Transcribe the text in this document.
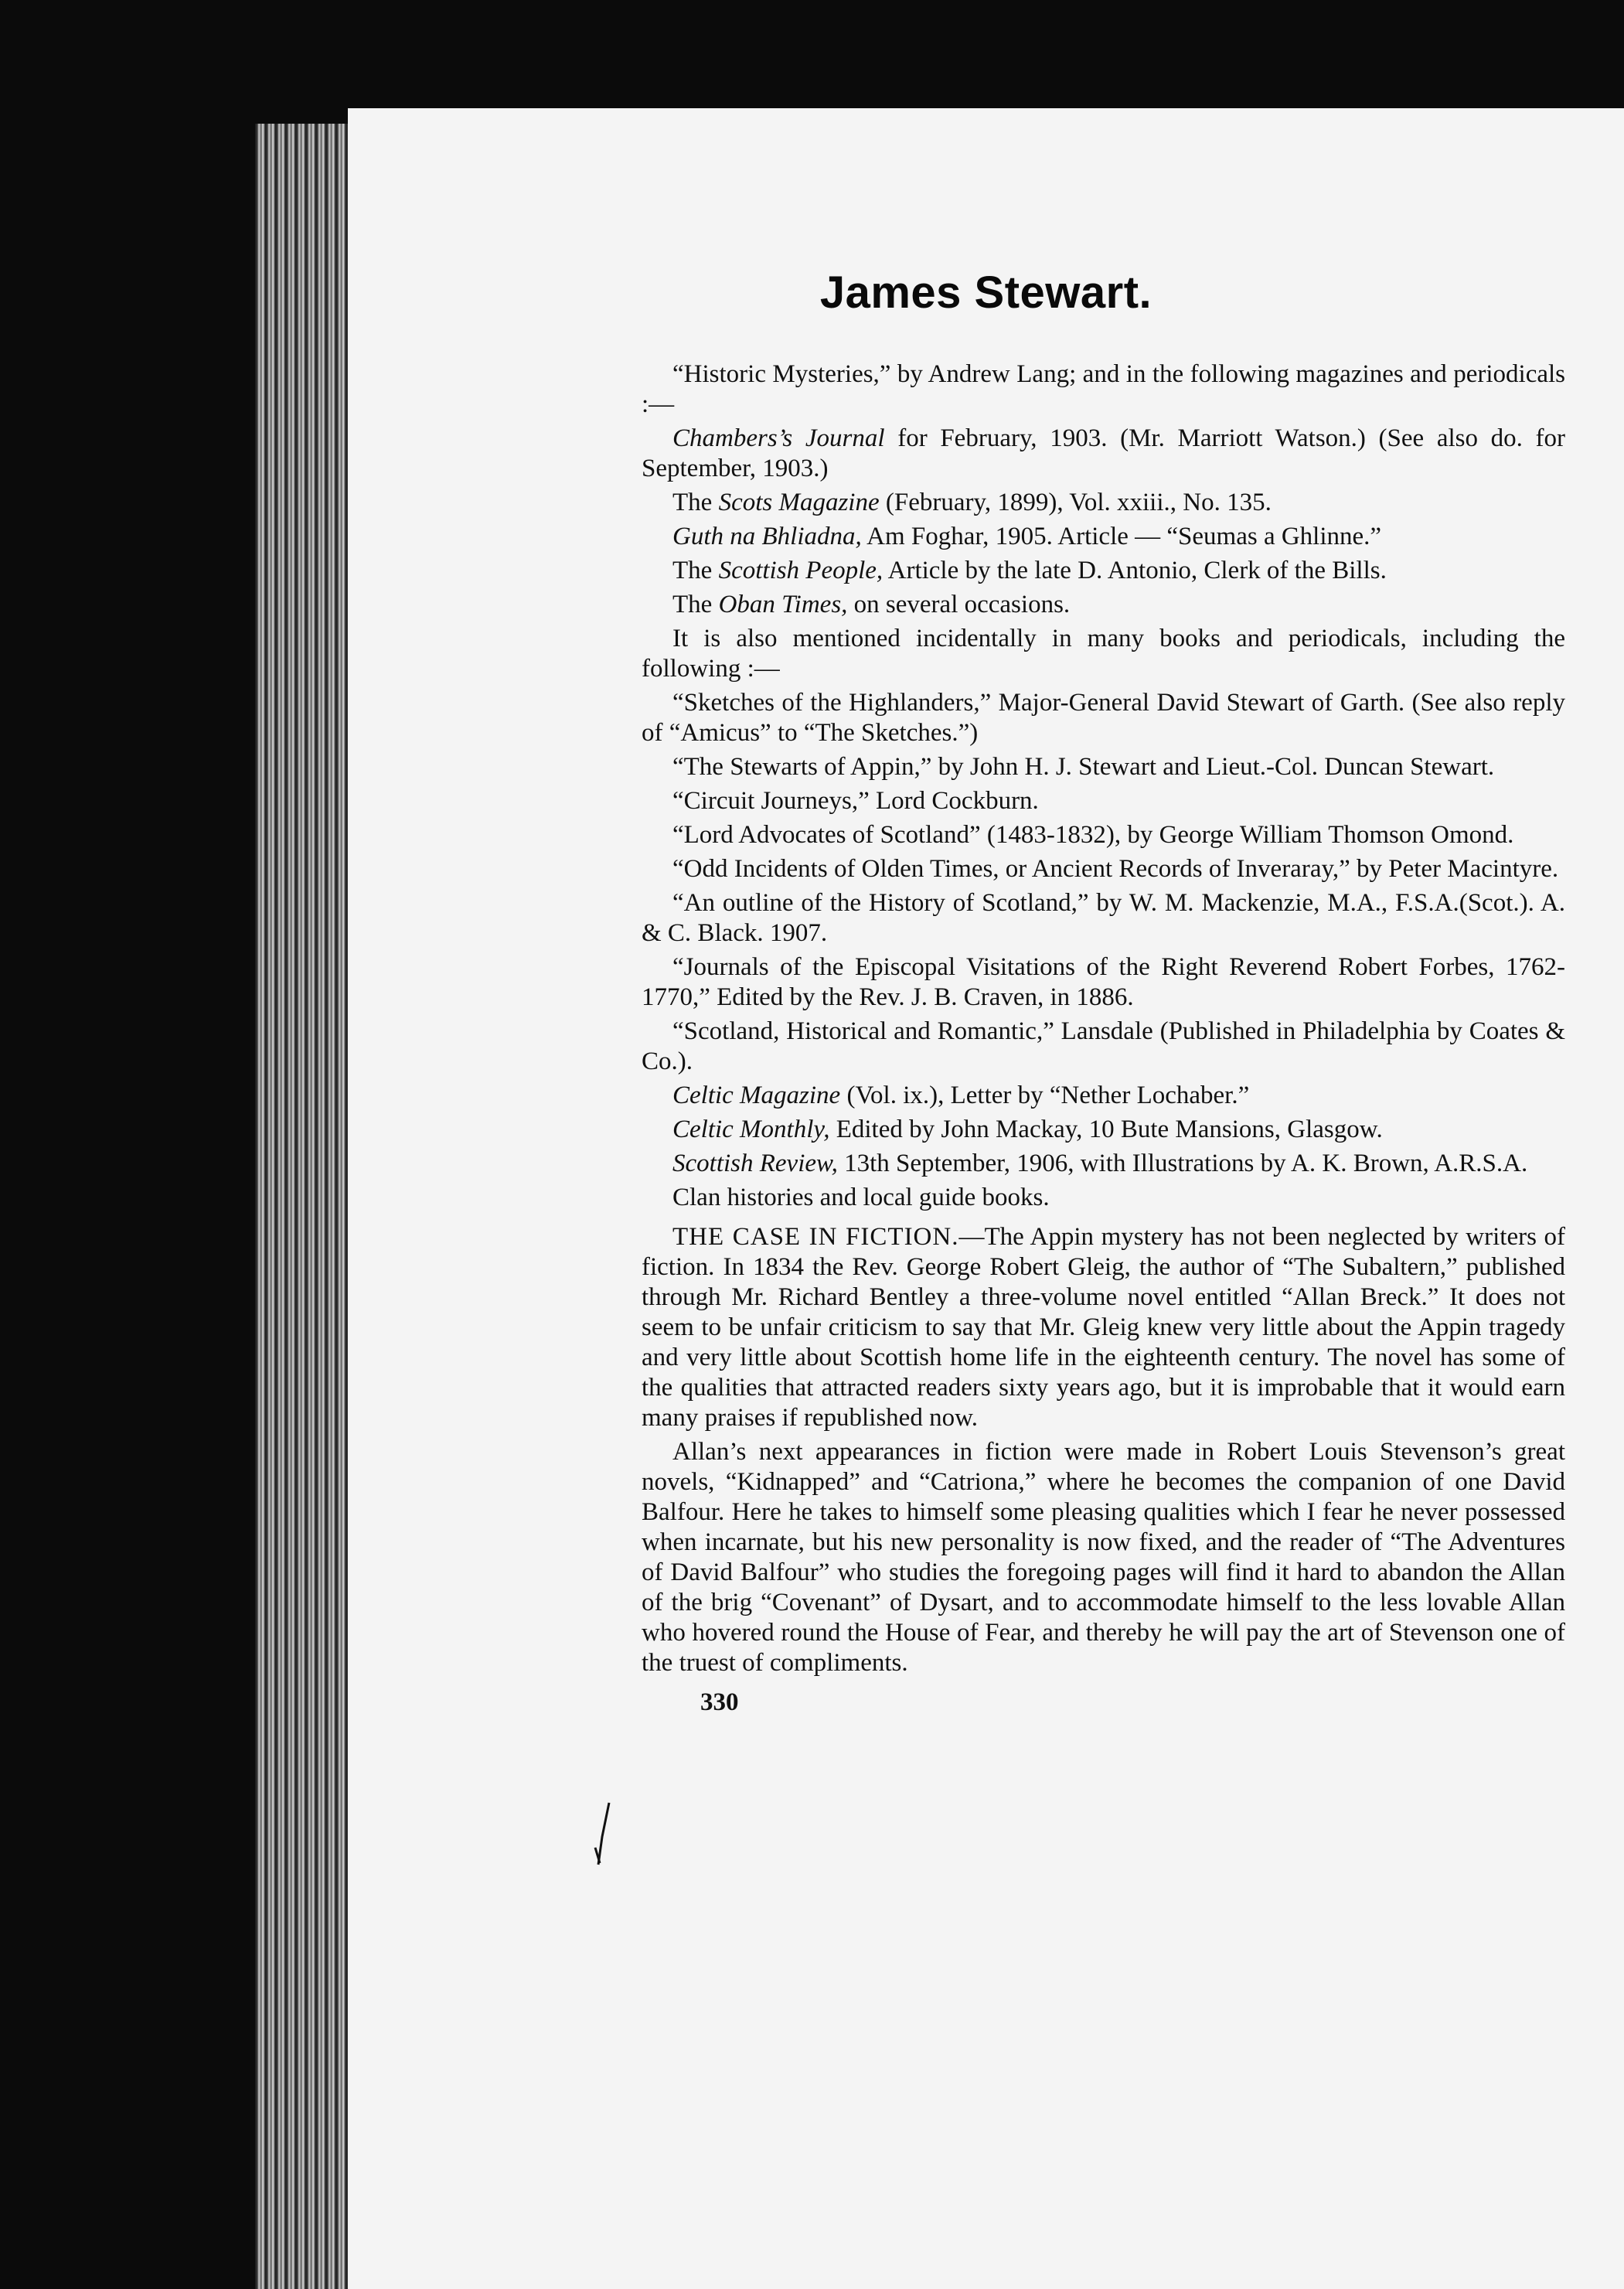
James Stewart.

“Historic Mysteries,” by Andrew Lang; and in the following magazines and periodicals :—

Chambers’s Journal for February, 1903. (Mr. Marriott Watson.) (See also do. for September, 1903.)

The Scots Magazine (February, 1899), Vol. xxiii., No. 135.

Guth na Bhliadna, Am Foghar, 1905. Article — “Seumas a Ghlinne.”

The Scottish People, Article by the late D. Antonio, Clerk of the Bills.

The Oban Times, on several occasions.

It is also mentioned incidentally in many books and periodicals, including the following :—

“Sketches of the Highlanders,” Major-General David Stewart of Garth. (See also reply of “Amicus” to “The Sketches.”)

“The Stewarts of Appin,” by John H. J. Stewart and Lieut.-Col. Duncan Stewart.

“Circuit Journeys,” Lord Cockburn.

“Lord Advocates of Scotland” (1483-1832), by George William Thomson Omond.

“Odd Incidents of Olden Times, or Ancient Records of Inveraray,” by Peter Macintyre.

“An outline of the History of Scotland,” by W. M. Mackenzie, M.A., F.S.A.(Scot.). A. & C. Black. 1907.

“Journals of the Episcopal Visitations of the Right Reverend Robert Forbes, 1762-1770,” Edited by the Rev. J. B. Craven, in 1886.

“Scotland, Historical and Romantic,” Lansdale (Published in Philadelphia by Coates & Co.).

Celtic Magazine (Vol. ix.), Letter by “Nether Lochaber.”

Celtic Monthly, Edited by John Mackay, 10 Bute Mansions, Glasgow.

Scottish Review, 13th September, 1906, with Illustrations by A. K. Brown, A.R.S.A.

Clan histories and local guide books.

THE CASE IN FICTION.—The Appin mystery has not been neglected by writers of fiction. In 1834 the Rev. George Robert Gleig, the author of “The Subaltern,” published through Mr. Richard Bentley a three-volume novel entitled “Allan Breck.” It does not seem to be unfair criticism to say that Mr. Gleig knew very little about the Appin tragedy and very little about Scottish home life in the eighteenth century. The novel has some of the qualities that attracted readers sixty years ago, but it is improbable that it would earn many praises if republished now.

Allan’s next appearances in fiction were made in Robert Louis Stevenson’s great novels, “Kidnapped” and “Catriona,” where he becomes the companion of one David Balfour. Here he takes to himself some pleasing qualities which I fear he never possessed when incarnate, but his new personality is now fixed, and the reader of “The Adventures of David Balfour” who studies the foregoing pages will find it hard to abandon the Allan of the brig “Covenant” of Dysart, and to accommodate himself to the less lovable Allan who hovered round the House of Fear, and thereby he will pay the art of Stevenson one of the truest of compliments.

330
